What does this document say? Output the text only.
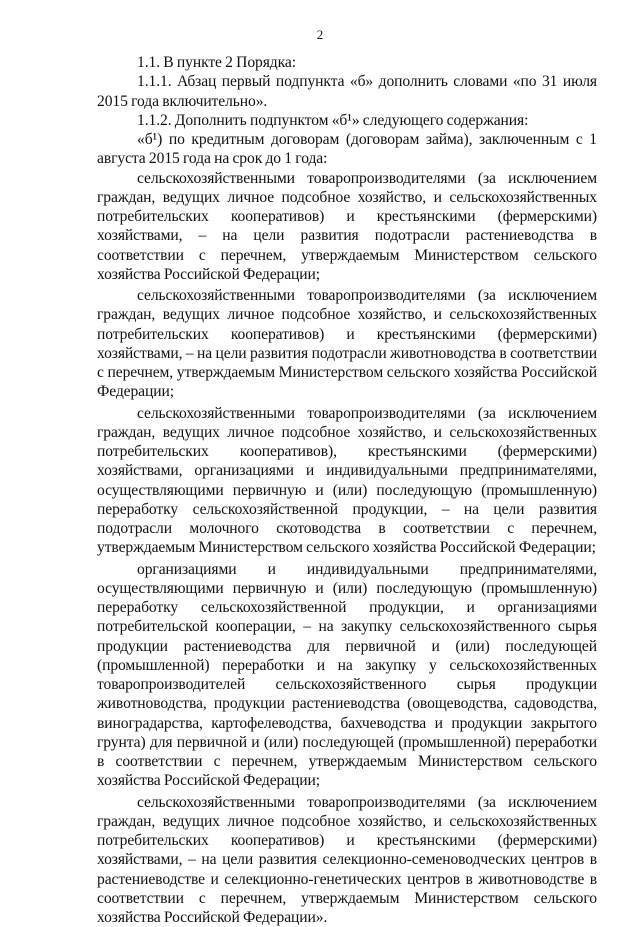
2

1.1. В пункте 2 Порядка:

1.1.1. Абзац первый подпункта «б» дополнить словами «по 31 июля 2015 года включительно».

1.1.2. Дополнить подпунктом «б¹» следующего содержания:

«б¹) по кредитным договорам (договорам займа), заключенным с 1 августа 2015 года на срок до 1 года:

сельскохозяйственными товаропроизводителями (за исключением граждан, ведущих личное подсобное хозяйство, и сельскохозяйственных потребительских кооперативов) и крестьянскими (фермерскими) хозяйствами, – на цели развития подотрасли растениеводства в соответствии с перечнем, утверждаемым Министерством сельского хозяйства Российской Федерации;

сельскохозяйственными товаропроизводителями (за исключением граждан, ведущих личное подсобное хозяйство, и сельскохозяйственных потребительских кооперативов) и крестьянскими (фермерскими) хозяйствами, – на цели развития подотрасли животноводства в соответствии с перечнем, утверждаемым Министерством сельского хозяйства Российской Федерации;

сельскохозяйственными товаропроизводителями (за исключением граждан, ведущих личное подсобное хозяйство, и сельскохозяйственных потребительских кооперативов), крестьянскими (фермерскими) хозяйствами, организациями и индивидуальными предпринимателями, осуществляющими первичную и (или) последующую (промышленную) переработку сельскохозяйственной продукции, – на цели развития подотрасли молочного скотоводства в соответствии с перечнем, утверждаемым Министерством сельского хозяйства Российской Федерации;

организациями и индивидуальными предпринимателями, осуществляющими первичную и (или) последующую (промышленную) переработку сельскохозяйственной продукции, и организациями потребительской кооперации, – на закупку сельскохозяйственного сырья продукции растениеводства для первичной и (или) последующей (промышленной) переработки и на закупку у сельскохозяйственных товаропроизводителей сельскохозяйственного сырья продукции животноводства, продукции растениеводства (овощеводства, садоводства, виноградарства, картофелеводства, бахчеводства и продукции закрытого грунта) для первичной и (или) последующей (промышленной) переработки в соответствии с перечнем, утверждаемым Министерством сельского хозяйства Российской Федерации;

сельскохозяйственными товаропроизводителями (за исключением граждан, ведущих личное подсобное хозяйство, и сельскохозяйственных потребительских кооперативов) и крестьянскими (фермерскими) хозяйствами, – на цели развития селекционно-семеноводческих центров в растениеводстве и селекционно-генетических центров в животноводстве в соответствии с перечнем, утверждаемым Министерством сельского хозяйства Российской Федерации».
